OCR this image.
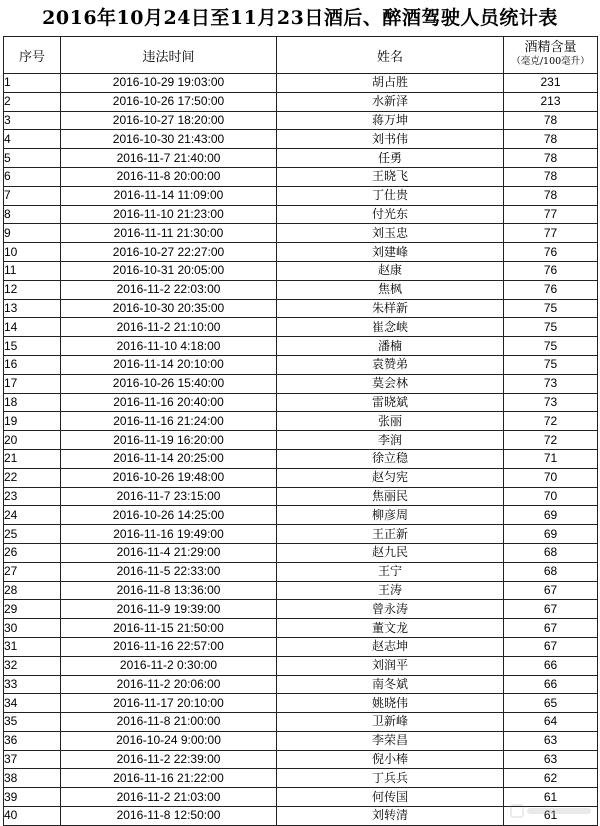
2016年10月24日至11月23日酒后、醉酒驾驶人员统计表
序号	违法时间	姓名	酒精含量
（毫克/100毫升）

1	2016-10-29 19:03:00	胡占胜	231
2	2016-10-26 17:50:00	水新泽	213
3	2016-10-27 18:20:00	蒋万坤	78
4	2016-10-30 21:43:00	刘书伟	78
5	2016-11-7 21:40:00	任勇	78
6	2016-11-8 20:00:00	王晓飞	78
7	2016-11-14 11:09:00	丁仕贵	78
8	2016-11-10 21:23:00	付光东	77
9	2016-11-11 21:30:00	刘玉忠	77
10	2016-10-27 22:27:00	刘建峰	76
11	2016-10-31 20:05:00	赵康	76
12	2016-11-2 22:03:00	焦枫	76
13	2016-10-30 20:35:00	朱样新	75
14	2016-11-2 21:10:00	崔念峡	75
15	2016-11-10 4:18:00	潘楠	75
16	2016-11-14 20:10:00	袁赞弟	75
17	2016-10-26 15:40:00	莫会林	73
18	2016-11-16 20:40:00	雷晓斌	73
19	2016-11-16 21:24:00	张丽	72
20	2016-11-19 16:20:00	李润	72
21	2016-11-14 20:25:00	徐立稳	71
22	2016-10-26 19:48:00	赵匀宪	70
23	2016-11-7 23:15:00	焦丽民	70
24	2016-10-26 14:25:00	柳彦周	69
25	2016-11-16 19:49:00	王正新	69
26	2016-11-4 21:29:00	赵九民	68
27	2016-11-5 22:33:00	王宁	68
28	2016-11-8 13:36:00	王涛	67
29	2016-11-9 19:39:00	曾永涛	67
30	2016-11-15 21:50:00	董文龙	67
31	2016-11-16 22:57:00	赵志坤	67
32	2016-11-2 0:30:00	刘润平	66
33	2016-11-2 20:06:00	南冬斌	66
34	2016-11-17 20:10:00	姚晓伟	65
35	2016-11-8 21:00:00	卫新峰	64
36	2016-10-24 9:00:00	李荣昌	63
37	2016-11-2 22:39:00	倪小棒	63
38	2016-11-16 21:22:00	丁兵兵	62
39	2016-11-2 21:03:00	何传国	61
40	2016-11-8 12:50:00	刘转清	61
